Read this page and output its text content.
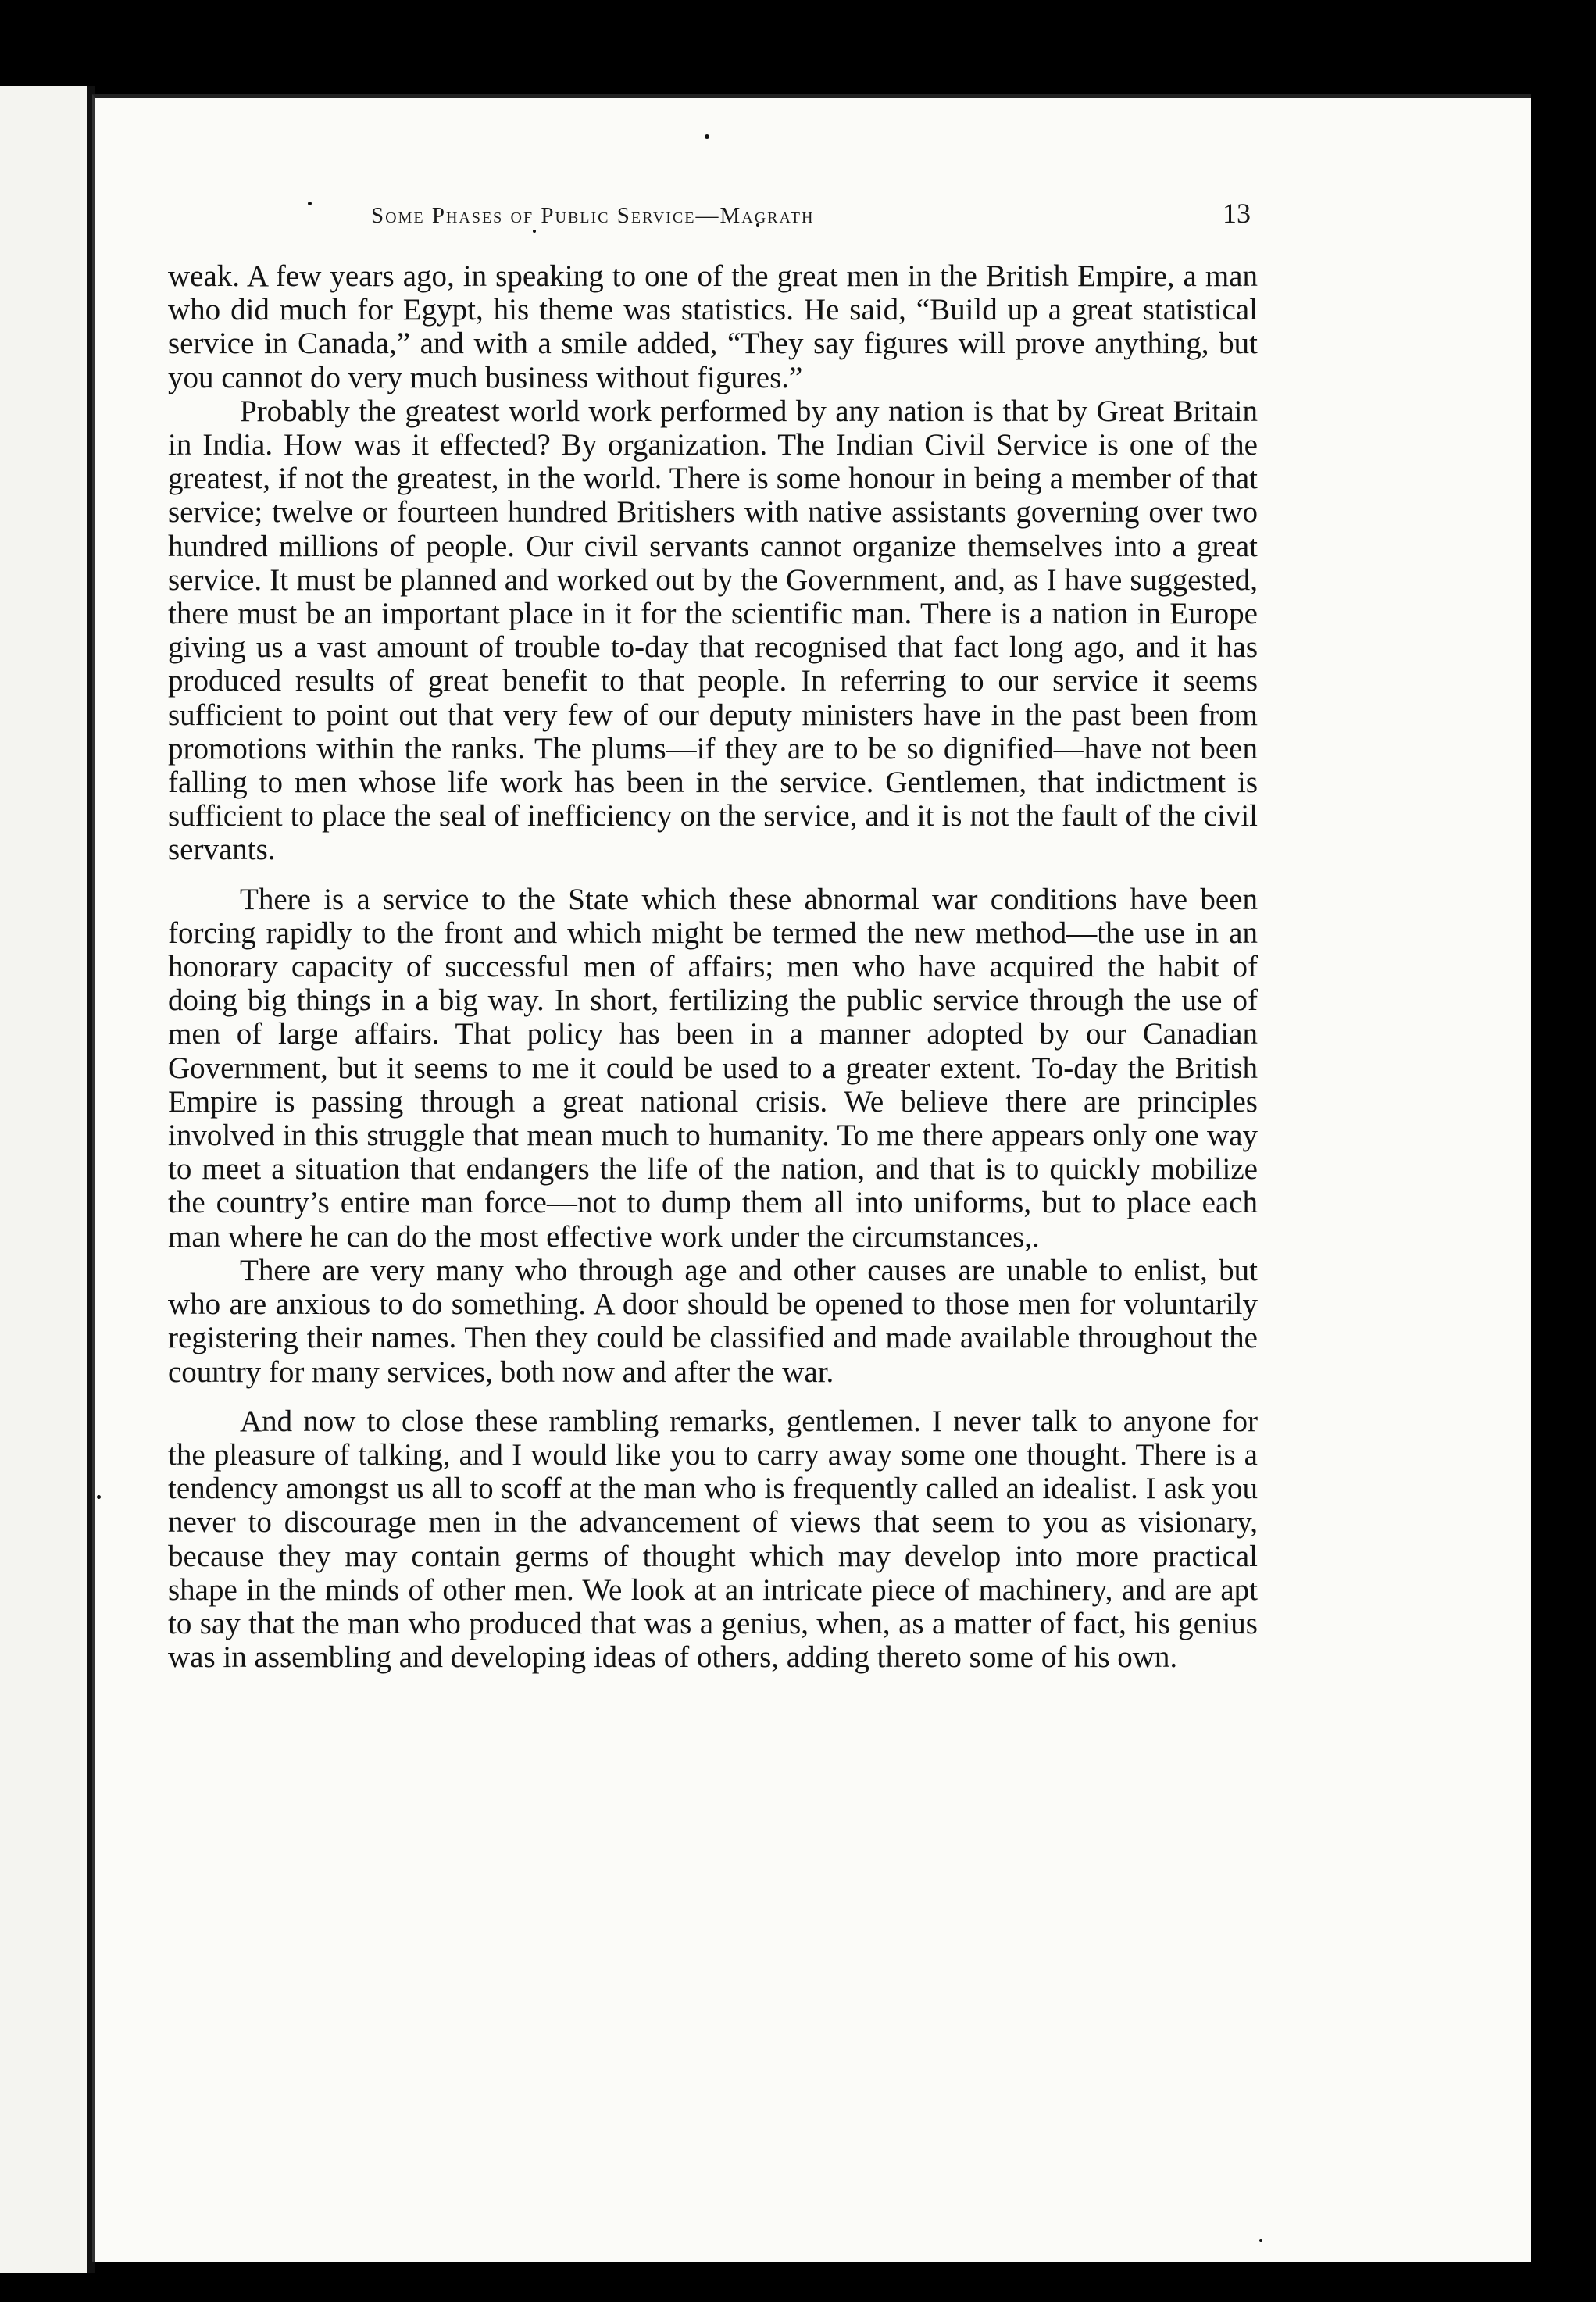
Some Phases of Public Service—Magrath	13

weak. A few years ago, in speaking to one of the great men in the British Empire, a man who did much for Egypt, his theme was statistics. He said, “Build up a great statistical service in Canada,” and with a smile added, “They say figures will prove anything, but you cannot do very much business without figures.”

Probably the greatest world work performed by any nation is that by Great Britain in India. How was it effected? By organization. The Indian Civil Service is one of the greatest, if not the greatest, in the world. There is some honour in being a member of that service; twelve or fourteen hundred Britishers with native assistants governing over two hundred millions of people. Our civil servants cannot organize themselves into a great service. It must be planned and worked out by the Government, and, as I have suggested, there must be an important place in it for the scientific man. There is a nation in Europe giving us a vast amount of trouble to-day that recognised that fact long ago, and it has produced results of great benefit to that people. In referring to our service it seems sufficient to point out that very few of our deputy ministers have in the past been from promotions within the ranks. The plums—if they are to be so dignified—have not been falling to men whose life work has been in the service. Gentlemen, that indictment is sufficient to place the seal of inefficiency on the service, and it is not the fault of the civil servants.

There is a service to the State which these abnormal war conditions have been forcing rapidly to the front and which might be termed the new method—the use in an honorary capacity of successful men of affairs; men who have acquired the habit of doing big things in a big way. In short, fertilizing the public service through the use of men of large affairs. That policy has been in a manner adopted by our Canadian Government, but it seems to me it could be used to a greater extent. To-day the British Empire is passing through a great national crisis. We believe there are principles involved in this struggle that mean much to humanity. To me there appears only one way to meet a situation that endangers the life of the nation, and that is to quickly mobilize the country’s entire man force—not to dump them all into uniforms, but to place each man where he can do the most effective work under the circumstances,.

There are very many who through age and other causes are unable to enlist, but who are anxious to do something. A door should be opened to those men for voluntarily registering their names. Then they could be classified and made available throughout the country for many services, both now and after the war.

And now to close these rambling remarks, gentlemen. I never talk to anyone for the pleasure of talking, and I would like you to carry away some one thought. There is a tendency amongst us all to scoff at the man who is frequently called an idealist. I ask you never to discourage men in the advancement of views that seem to you as visionary, because they may contain germs of thought which may develop into more practical shape in the minds of other men. We look at an intricate piece of machinery, and are apt to say that the man who produced that was a genius, when, as a matter of fact, his genius was in assembling and developing ideas of others, adding thereto some of his own.
